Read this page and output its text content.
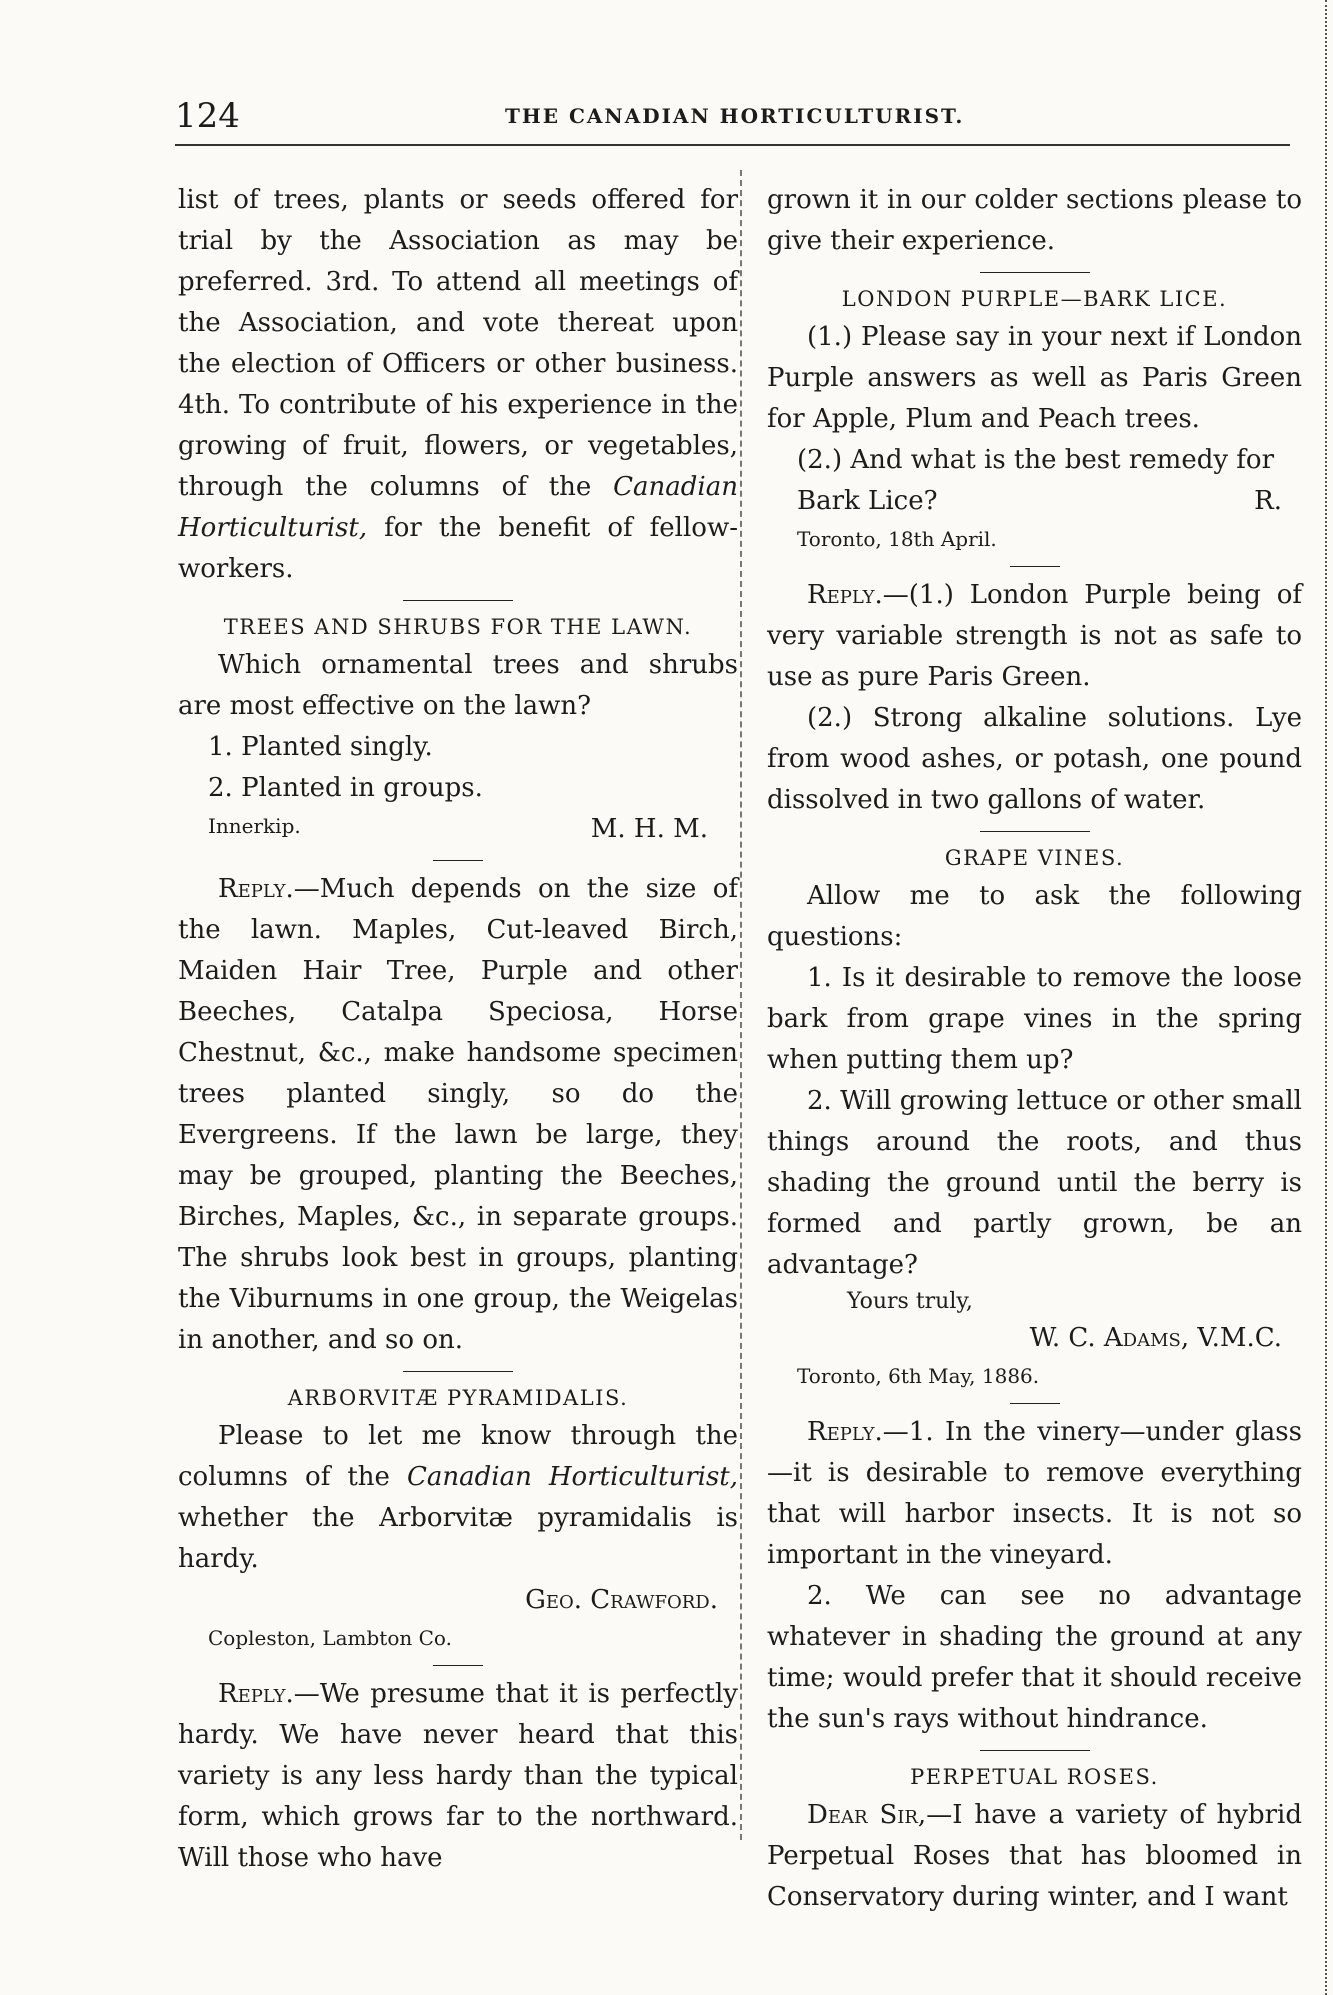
124	THE CANADIAN HORTICULTURIST.

list of trees, plants or seeds offered for trial by the Association as may be preferred. 3rd. To attend all meetings of the Association, and vote thereat upon the election of Officers or other business. 4th. To contribute of his experience in the growing of fruit, flowers, or vegetables, through the columns of the Canadian Horticulturist, for the benefit of fellow-workers.

TREES AND SHRUBS FOR THE LAWN.

Which ornamental trees and shrubs are most effective on the lawn?

1. Planted singly.

2. Planted in groups.

Innerkip.	M. H. M.

Reply.—Much depends on the size of the lawn. Maples, Cut-leaved Birch, Maiden Hair Tree, Purple and other Beeches, Catalpa Speciosa, Horse Chestnut, &c., make handsome specimen trees planted singly, so do the Evergreens. If the lawn be large, they may be grouped, planting the Beeches, Birches, Maples, &c., in separate groups. The shrubs look best in groups, planting the Viburnums in one group, the Weigelas in another, and so on.

ARBORVITÆ PYRAMIDALIS.

Please to let me know through the columns of the Canadian Horticulturist, whether the Arborvitæ pyramidalis is hardy.

Geo. Crawford.

Copleston, Lambton Co.

Reply.—We presume that it is perfectly hardy. We have never heard that this variety is any less hardy than the typical form, which grows far to the northward. Will those who have

grown it in our colder sections please to give their experience.

LONDON PURPLE—BARK LICE.

(1.) Please say in your next if London Purple answers as well as Paris Green for Apple, Plum and Peach trees.

(2.) And what is the best remedy for Bark Lice?	R.

Toronto, 18th April.

Reply.—(1.) London Purple being of very variable strength is not as safe to use as pure Paris Green.

(2.) Strong alkaline solutions. Lye from wood ashes, or potash, one pound dissolved in two gallons of water.

GRAPE VINES.

Allow me to ask the following questions:

1. Is it desirable to remove the loose bark from grape vines in the spring when putting them up?

2. Will growing lettuce or other small things around the roots, and thus shading the ground until the berry is formed and partly grown, be an advantage?

Yours truly,

W. C. Adams, V.M.C.

Toronto, 6th May, 1886.

Reply.—1. In the vinery—under glass—it is desirable to remove everything that will harbor insects. It is not so important in the vineyard.

2. We can see no advantage whatever in shading the ground at any time; would prefer that it should receive the sun's rays without hindrance.

PERPETUAL ROSES.

Dear Sir,—I have a variety of hybrid Perpetual Roses that has bloomed in Conservatory during winter, and I want
